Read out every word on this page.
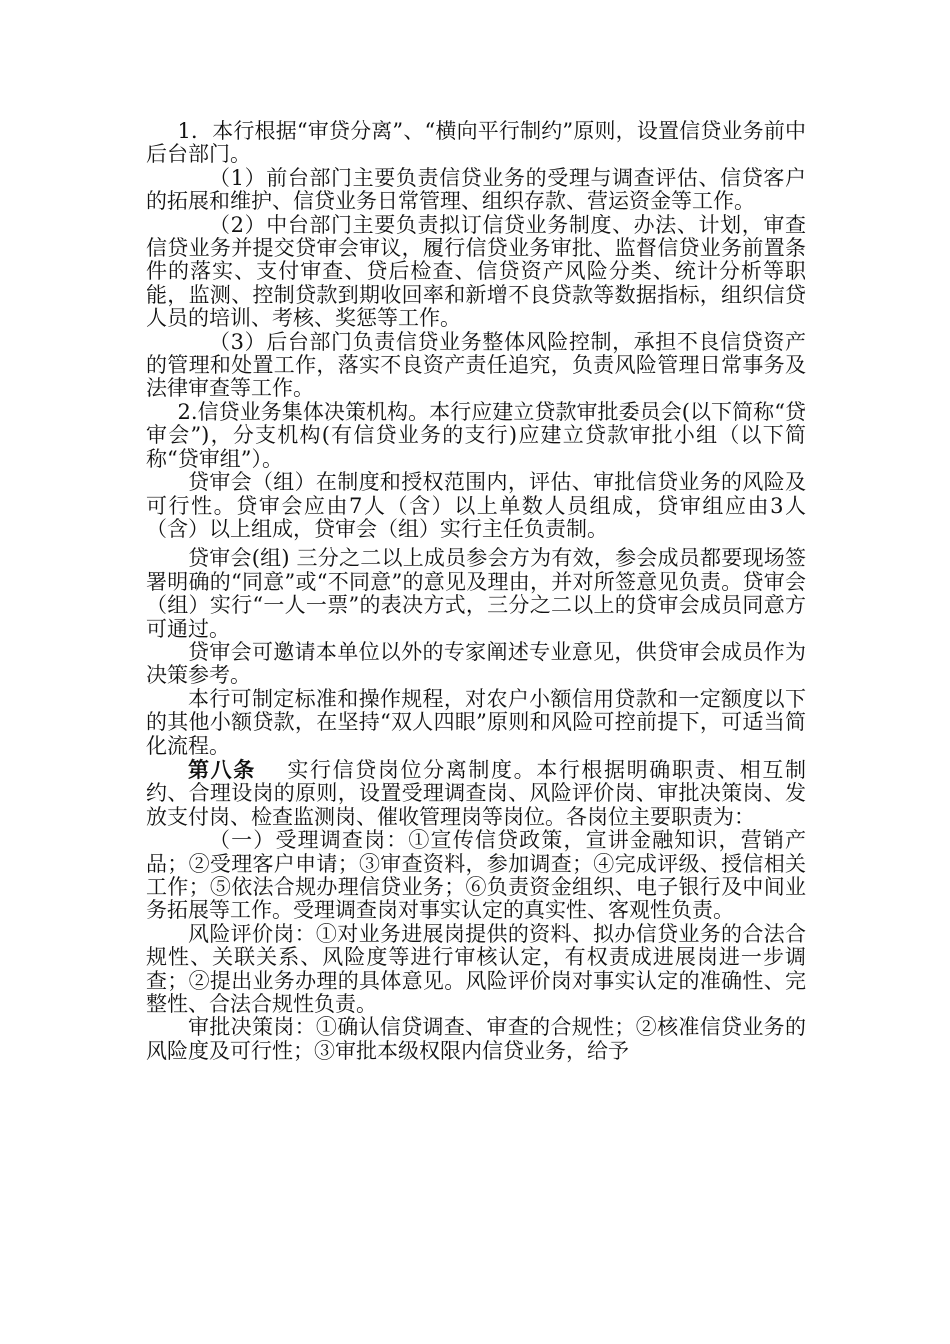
1．本行根据“审贷分离”、“横向平行制约”原则，设置信贷业务前中后台部门。

（1）前台部门主要负责信贷业务的受理与调查评估、信贷客户的拓展和维护、信贷业务日常管理、组织存款、营运资金等工作。

（2）中台部门主要负责拟订信贷业务制度、办法、计划，审查信贷业务并提交贷审会审议，履行信贷业务审批、监督信贷业务前置条件的落实、支付审查、贷后检查、信贷资产风险分类、统计分析等职能，监测、控制贷款到期收回率和新增不良贷款等数据指标，组织信贷人员的培训、考核、奖惩等工作。

（3）后台部门负责信贷业务整体风险控制，承担不良信贷资产的管理和处置工作，落实不良资产责任追究，负责风险管理日常事务及法律审查等工作。

2.信贷业务集体决策机构。本行应建立贷款审批委员会(以下简称“贷审会”)，分支机构(有信贷业务的支行)应建立贷款审批小组（以下简称“贷审组”）。

贷审会（组）在制度和授权范围内，评估、审批信贷业务的风险及可行性。贷审会应由7人（含）以上单数人员组成，贷审组应由3人（含）以上组成，贷审会（组）实行主任负责制。

贷审会(组) 三分之二以上成员参会方为有效，参会成员都要现场签署明确的“同意”或“不同意”的意见及理由，并对所签意见负责。贷审会（组）实行“一人一票”的表决方式，三分之二以上的贷审会成员同意方可通过。

贷审会可邀请本单位以外的专家阐述专业意见，供贷审会成员作为决策参考。

本行可制定标准和操作规程，对农户小额信用贷款和一定额度以下的其他小额贷款，在坚持“双人四眼”原则和风险可控前提下，可适当简化流程。

第八条 实行信贷岗位分离制度。本行根据明确职责、相互制约、合理设岗的原则，设置受理调查岗、风险评价岗、审批决策岗、发放支付岗、检查监测岗、催收管理岗等岗位。各岗位主要职责为：

（一）受理调查岗：①宣传信贷政策，宣讲金融知识，营销产品；②受理客户申请；③审查资料，参加调查；④完成评级、授信相关工作；⑤依法合规办理信贷业务；⑥负责资金组织、电子银行及中间业务拓展等工作。受理调查岗对事实认定的真实性、客观性负责。

风险评价岗：①对业务进展岗提供的资料、拟办信贷业务的合法合规性、关联关系、风险度等进行审核认定，有权责成进展岗进一步调查；②提出业务办理的具体意见。风险评价岗对事实认定的准确性、完整性、合法合规性负责。

审批决策岗：①确认信贷调查、审查的合规性；②核准信贷业务的风险度及可行性；③审批本级权限内信贷业务，给予
